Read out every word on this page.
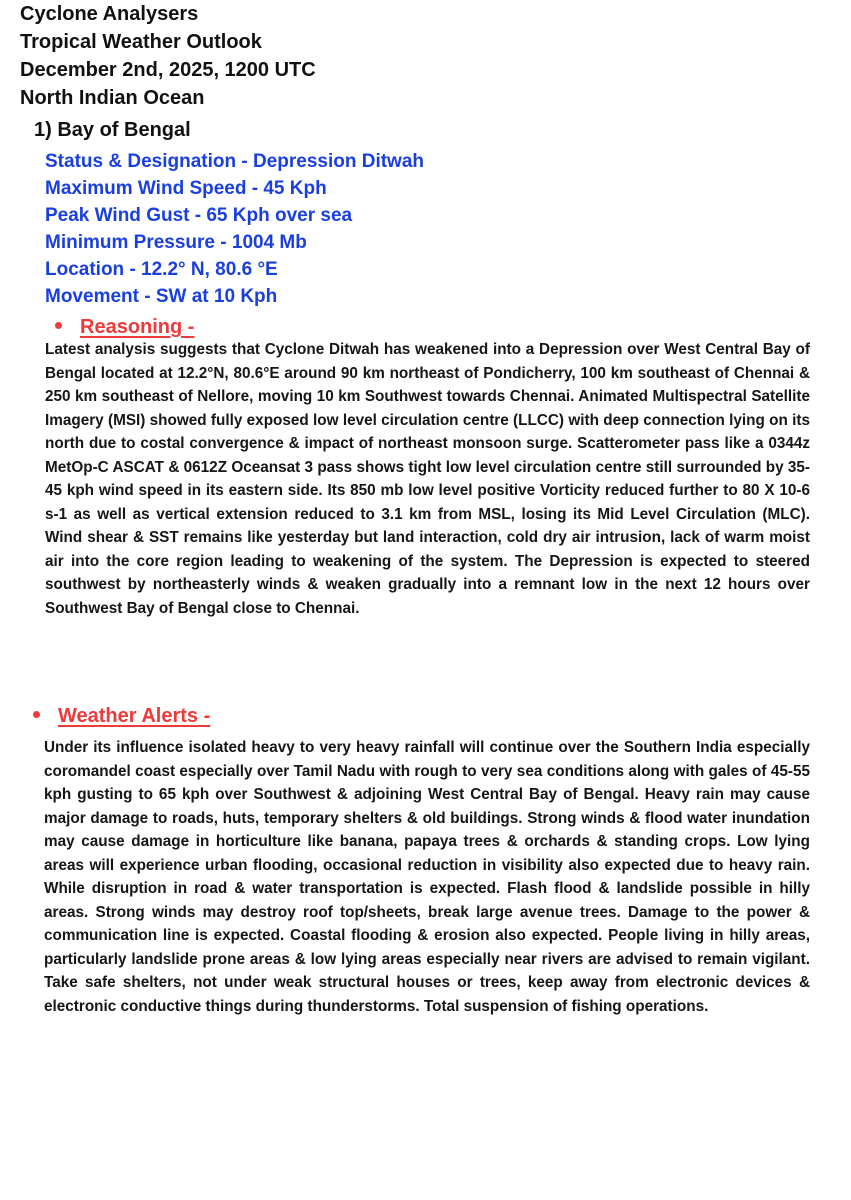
Cyclone Analysers
Tropical Weather Outlook
December 2nd, 2025, 1200 UTC
North Indian Ocean
1) Bay of Bengal
Status & Designation - Depression Ditwah
Maximum Wind Speed - 45 Kph
Peak Wind Gust - 65 Kph over sea
Minimum Pressure - 1004 Mb
Location - 12.2° N, 80.6 °E
Movement - SW at 10 Kph
Reasoning -
Latest analysis suggests that Cyclone Ditwah has weakened into a Depression over West Central Bay of Bengal located at 12.2°N, 80.6°E around 90 km northeast of Pondicherry, 100 km southeast of Chennai & 250 km southeast of Nellore, moving 10 km Southwest towards Chennai. Animated Multispectral Satellite Imagery (MSI) showed fully exposed low level circulation centre (LLCC) with deep connection lying on its north due to costal convergence & impact of northeast monsoon surge. Scatterometer pass like a 0344z MetOp-C ASCAT & 0612Z Oceansat 3 pass shows tight low level circulation centre still surrounded by 35-45 kph wind speed in its eastern side. Its 850 mb low level positive Vorticity reduced further to 80 X 10-6 s-1 as well as vertical extension reduced to 3.1 km from MSL, losing its Mid Level Circulation (MLC). Wind shear & SST remains like yesterday but land interaction, cold dry air intrusion, lack of warm moist air into the core region leading to weakening of the system. The Depression is expected to steered southwest by northeasterly winds & weaken gradually into a remnant low in the next 12 hours over Southwest Bay of Bengal close to Chennai.
Weather Alerts -
Under its influence isolated heavy to very heavy rainfall will continue over the Southern India especially coromandel coast especially over Tamil Nadu with rough to very sea conditions along with gales of 45-55 kph gusting to 65 kph over Southwest & adjoining West Central Bay of Bengal. Heavy rain may cause major damage to roads, huts, temporary shelters & old buildings. Strong winds & flood water inundation may cause damage in horticulture like banana, papaya trees & orchards & standing crops. Low lying areas will experience urban flooding, occasional reduction in visibility also expected due to heavy rain. While disruption in road & water transportation is expected. Flash flood & landslide possible in hilly areas. Strong winds may destroy roof top/sheets, break large avenue trees. Damage to the power & communication line is expected. Coastal flooding & erosion also expected. People living in hilly areas, particularly landslide prone areas & low lying areas especially near rivers are advised to remain vigilant. Take safe shelters, not under weak structural houses or trees, keep away from electronic devices & electronic conductive things during thunderstorms. Total suspension of fishing operations.
